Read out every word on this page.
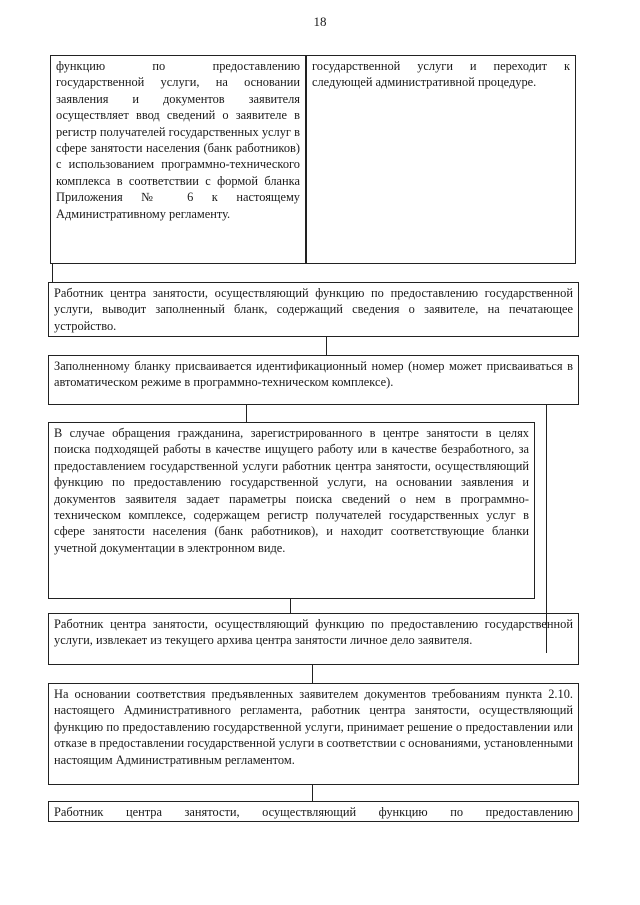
18
функцию по предоставлению государственной услуги, на основании заявления и документов заявителя осуществляет ввод сведений о заявителе в регистр получателей государственных услуг в сфере занятости населения (банк работников) с использованием программно-технического комплекса в соответствии с формой бланка Приложения № 6 к настоящему Административному регламенту.
государственной услуги и переходит к следующей административной процедуре.
Работник центра занятости, осуществляющий функцию по предоставлению государственной услуги, выводит заполненный бланк, содержащий сведения о заявителе, на печатающее устройство.
Заполненному бланку присваивается идентификационный номер (номер может присваиваться в автоматическом режиме в программно-техническом комплексе).
В случае обращения гражданина, зарегистрированного в центре занятости в целях поиска подходящей работы в качестве ищущего работу или в качестве безработного, за предоставлением государственной услуги работник центра занятости, осуществляющий функцию по предоставлению государственной услуги, на основании заявления и документов заявителя задает параметры поиска сведений о нем в программно-техническом комплексе, содержащем регистр получателей государственных услуг в сфере занятости населения (банк работников), и находит соответствующие бланки учетной документации в электронном виде.
Работник центра занятости, осуществляющий функцию по предоставлению государственной услуги, извлекает из текущего архива центра занятости личное дело заявителя.
На основании соответствия предъявленных заявителем документов требованиям пункта 2.10. настоящего Административного регламента, работник центра занятости, осуществляющий функцию по предоставлению государственной услуги, принимает решение о предоставлении или отказе в предоставлении государственной услуги в соответствии с основаниями, установленными настоящим Административным регламентом.
Работник центра занятости, осуществляющий функцию по предоставлению
